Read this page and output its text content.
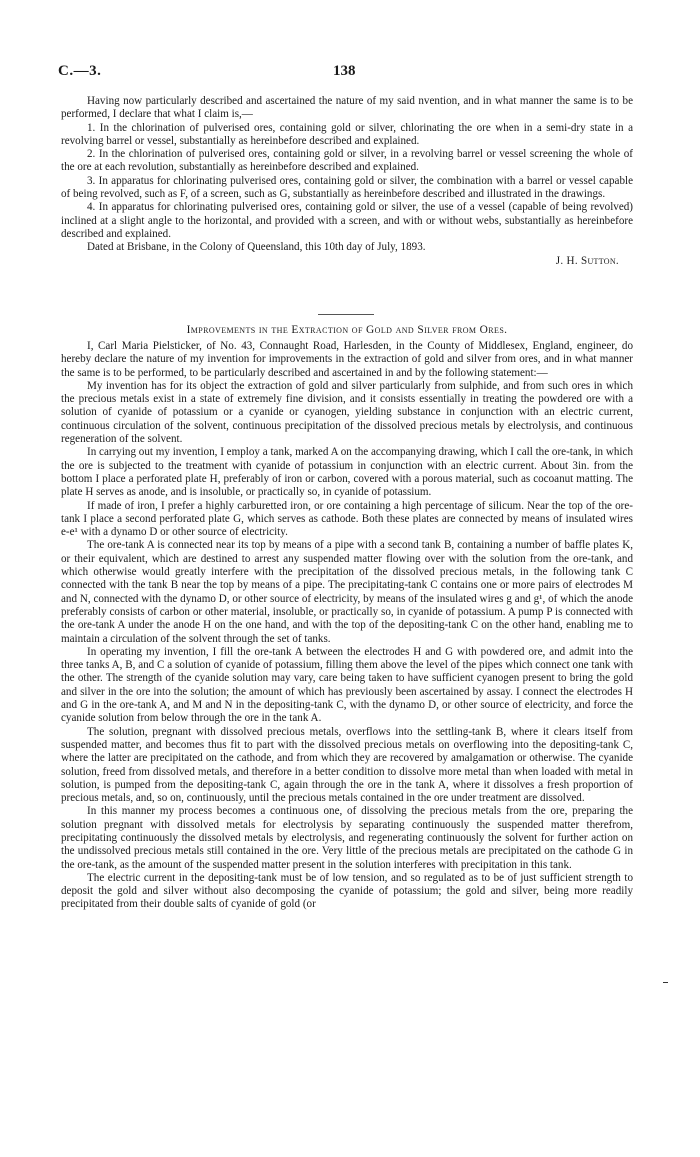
C.—3.	138

Having now particularly described and ascertained the nature of my said nvention, and in what manner the same is to be performed, I declare that what I claim is,—

1. In the chlorination of pulverised ores, containing gold or silver, chlorinating the ore when in a semi-dry state in a revolving barrel or vessel, substantially as hereinbefore described and explained.

2. In the chlorination of pulverised ores, containing gold or silver, in a revolving barrel or vessel screening the whole of the ore at each revolution, substantially as hereinbefore described and explained.

3. In apparatus for chlorinating pulverised ores, containing gold or silver, the combination with a barrel or vessel capable of being revolved, such as F, of a screen, such as G, substantially as hereinbefore described and illustrated in the drawings.

4. In apparatus for chlorinating pulverised ores, containing gold or silver, the use of a vessel (capable of being revolved) inclined at a slight angle to the horizontal, and provided with a screen, and with or without webs, substantially as hereinbefore described and explained.

Dated at Brisbane, in the Colony of Queensland, this 10th day of July, 1893.

J. H. Sutton.

Improvements in the Extraction of Gold and Silver from Ores.

I, Carl Maria Pielsticker, of No. 43, Connaught Road, Harlesden, in the County of Middlesex, England, engineer, do hereby declare the nature of my invention for improvements in the extraction of gold and silver from ores, and in what manner the same is to be performed, to be particularly described and ascertained in and by the following statement:—

My invention has for its object the extraction of gold and silver particularly from sulphide, and from such ores in which the precious metals exist in a state of extremely fine division, and it consists essentially in treating the powdered ore with a solution of cyanide of potassium or a cyanide or cyanogen, yielding substance in conjunction with an electric current, continuous circulation of the solvent, continuous precipitation of the dissolved precious metals by electrolysis, and continuous regeneration of the solvent.

In carrying out my invention, I employ a tank, marked A on the accompanying drawing, which I call the ore-tank, in which the ore is subjected to the treatment with cyanide of potassium in conjunction with an electric current. About 3in. from the bottom I place a perforated plate H, preferably of iron or carbon, covered with a porous material, such as cocoanut matting. The plate H serves as anode, and is insoluble, or practically so, in cyanide of potassium.

If made of iron, I prefer a highly carburetted iron, or ore containing a high percentage of silicum. Near the top of the ore-tank I place a second perforated plate G, which serves as cathode. Both these plates are connected by means of insulated wires e-e¹ with a dynamo D or other source of electricity.

The ore-tank A is connected near its top by means of a pipe with a second tank B, containing a number of baffle plates K, or their equivalent, which are destined to arrest any suspended matter flowing over with the solution from the ore-tank, and which otherwise would greatly interfere with the precipitation of the dissolved precious metals, in the following tank C connected with the tank B near the top by means of a pipe. The precipitating-tank C contains one or more pairs of electrodes M and N, connected with the dynamo D, or other source of electricity, by means of the insulated wires g and g¹, of which the anode preferably consists of carbon or other material, insoluble, or practically so, in cyanide of potassium. A pump P is connected with the ore-tank A under the anode H on the one hand, and with the top of the depositing-tank C on the other hand, enabling me to maintain a circulation of the solvent through the set of tanks.

In operating my invention, I fill the ore-tank A between the electrodes H and G with powdered ore, and admit into the three tanks A, B, and C a solution of cyanide of potassium, filling them above the level of the pipes which connect one tank with the other. The strength of the cyanide solution may vary, care being taken to have sufficient cyanogen present to bring the gold and silver in the ore into the solution; the amount of which has previously been ascertained by assay. I connect the electrodes H and G in the ore-tank A, and M and N in the depositing-tank C, with the dynamo D, or other source of electricity, and force the cyanide solution from below through the ore in the tank A.

The solution, pregnant with dissolved precious metals, overflows into the settling-tank B, where it clears itself from suspended matter, and becomes thus fit to part with the dissolved precious metals on overflowing into the depositing-tank C, where the latter are precipitated on the cathode, and from which they are recovered by amalgamation or otherwise. The cyanide solution, freed from dissolved metals, and therefore in a better condition to dissolve more metal than when loaded with metal in solution, is pumped from the depositing-tank C, again through the ore in the tank A, where it dissolves a fresh proportion of precious metals, and, so on, continuously, until the precious metals contained in the ore under treatment are dissolved.

In this manner my process becomes a continuous one, of dissolving the precious metals from the ore, preparing the solution pregnant with dissolved metals for electrolysis by separating continuously the suspended matter therefrom, precipitating continuously the dissolved metals by electrolysis, and regenerating continuously the solvent for further action on the undissolved precious metals still contained in the ore. Very little of the precious metals are precipitated on the cathode G in the ore-tank, as the amount of the suspended matter present in the solution interferes with precipitation in this tank.

The electric current in the depositing-tank must be of low tension, and so regulated as to be of just sufficient strength to deposit the gold and silver without also decomposing the cyanide of potassium; the gold and silver, being more readily precipitated from their double salts of cyanide of gold (or
